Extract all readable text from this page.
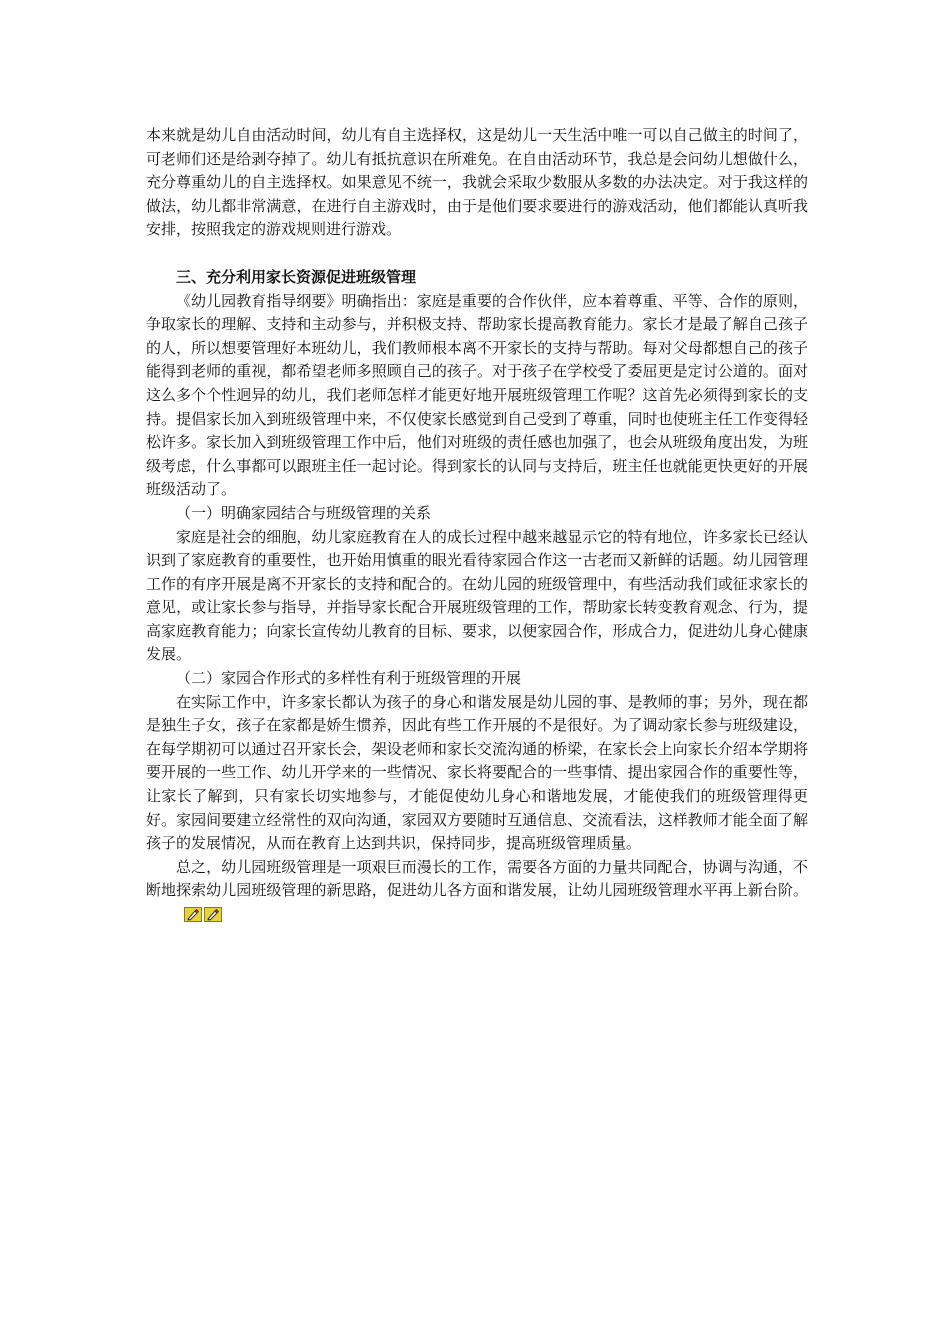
本来就是幼儿自由活动时间，幼儿有自主选择权，这是幼儿一天生活中唯一可以自己做主的时间了，可老师们还是给剥夺掉了。幼儿有抵抗意识在所难免。在自由活动环节，我总是会问幼儿想做什么，充分尊重幼儿的自主选择权。如果意见不统一，我就会采取少数服从多数的办法决定。对于我这样的做法，幼儿都非常满意，在进行自主游戏时，由于是他们要求要进行的游戏活动，他们都能认真听我安排，按照我定的游戏规则进行游戏。

三、充分利用家长资源促进班级管理

《幼儿园教育指导纲要》明确指出：家庭是重要的合作伙伴，应本着尊重、平等、合作的原则，争取家长的理解、支持和主动参与，并积极支持、帮助家长提高教育能力。家长才是最了解自己孩子的人，所以想要管理好本班幼儿，我们教师根本离不开家长的支持与帮助。每对父母都想自己的孩子能得到老师的重视，都希望老师多照顾自己的孩子。对于孩子在学校受了委屈更是定讨公道的。面对这么多个个性迥异的幼儿，我们老师怎样才能更好地开展班级管理工作呢？这首先必须得到家长的支持。提倡家长加入到班级管理中来，不仅使家长感觉到自己受到了尊重，同时也使班主任工作变得轻松许多。家长加入到班级管理工作中后，他们对班级的责任感也加强了，也会从班级角度出发，为班级考虑，什么事都可以跟班主任一起讨论。得到家长的认同与支持后，班主任也就能更快更好的开展班级活动了。

（一）明确家园结合与班级管理的关系

家庭是社会的细胞，幼儿家庭教育在人的成长过程中越来越显示它的特有地位，许多家长已经认识到了家庭教育的重要性，也开始用慎重的眼光看待家园合作这一古老而又新鲜的话题。幼儿园管理工作的有序开展是离不开家长的支持和配合的。在幼儿园的班级管理中，有些活动我们或征求家长的意见，或让家长参与指导，并指导家长配合开展班级管理的工作，帮助家长转变教育观念、行为，提高家庭教育能力；向家长宣传幼儿教育的目标、要求，以便家园合作，形成合力，促进幼儿身心健康发展。

（二）家园合作形式的多样性有利于班级管理的开展

在实际工作中，许多家长都认为孩子的身心和谐发展是幼儿园的事、是教师的事；另外，现在都是独生子女，孩子在家都是娇生惯养，因此有些工作开展的不是很好。为了调动家长参与班级建设，在每学期初可以通过召开家长会，架设老师和家长交流沟通的桥梁，在家长会上向家长介绍本学期将要开展的一些工作、幼儿开学来的一些情况、家长将要配合的一些事情、提出家园合作的重要性等，让家长了解到，只有家长切实地参与，才能促使幼儿身心和谐地发展，才能使我们的班级管理得更好。家园间要建立经常性的双向沟通，家园双方要随时互通信息、交流看法，这样教师才能全面了解孩子的发展情况，从而在教育上达到共识，保持同步，提高班级管理质量。

总之，幼儿园班级管理是一项艰巨而漫长的工作，需要各方面的力量共同配合，协调与沟通，不断地探索幼儿园班级管理的新思路，促进幼儿各方面和谐发展，让幼儿园班级管理水平再上新台阶。
